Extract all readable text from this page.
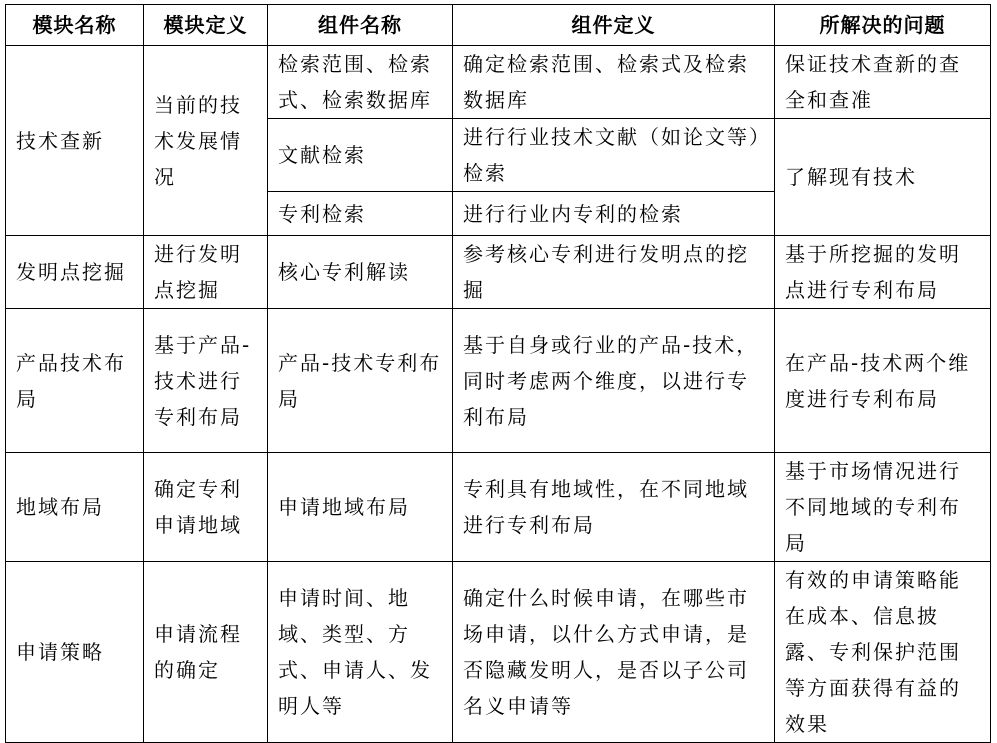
模块名称	模块定义	组件名称	组件定义	所解决的问题
技术查新	当前的技术发展情况	检索范围、检索式、检索数据库	确定检索范围、检索式及检索数据库	保证技术查新的查全和查准
		文献检索	进行行业技术文献（如论文等）检索	了解现有技术
		专利检索	进行行业内专利的检索	
发明点挖掘	进行发明点挖掘	核心专利解读	参考核心专利进行发明点的挖掘	基于所挖掘的发明点进行专利布局
产品技术布局	基于产品-技术进行专利布局	产品-技术专利布局	基于自身或行业的产品-技术，同时考虑两个维度，以进行专利布局	在产品-技术两个维度进行专利布局
地域布局	确定专利申请地域	申请地域布局	专利具有地域性，在不同地域进行专利布局	基于市场情况进行不同地域的专利布局
申请策略	申请流程的确定	申请时间、地域、类型、方式、申请人、发明人等	确定什么时候申请，在哪些市场申请，以什么方式申请，是否隐藏发明人，是否以子公司名义申请等	有效的申请策略能在成本、信息披露、专利保护范围等方面获得有益的效果
